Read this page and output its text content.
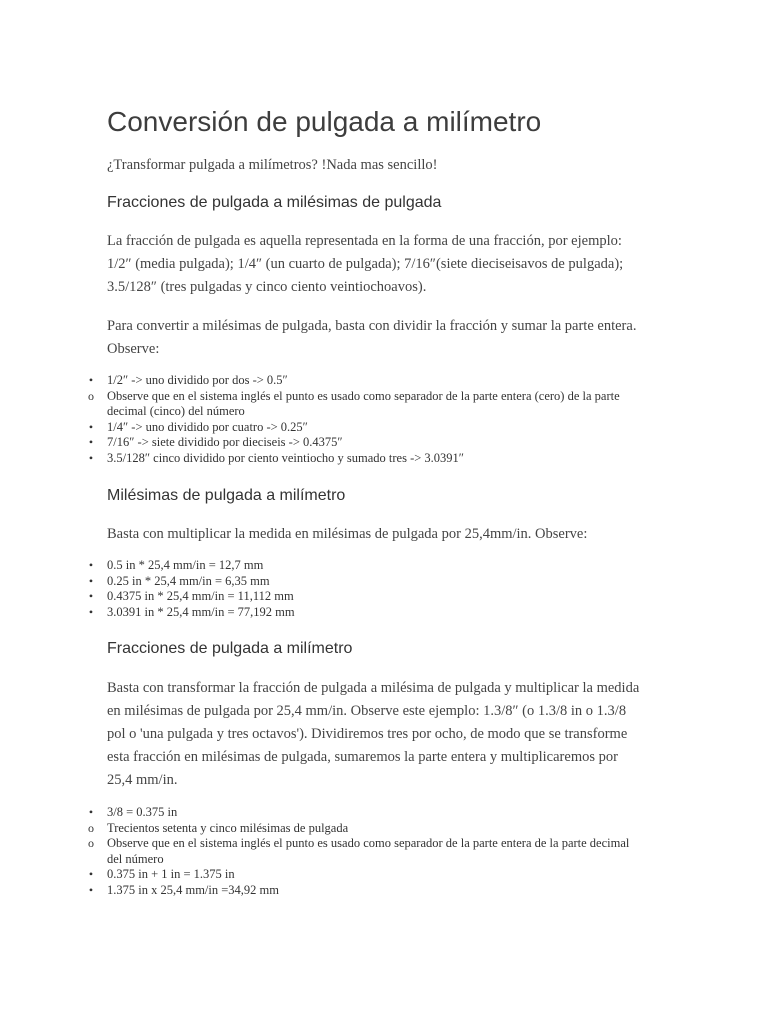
Conversión de pulgada a milímetro

¿Transformar pulgada a milímetros? !Nada mas sencillo!

Fracciones de pulgada a milésimas de pulgada

La fracción de pulgada es aquella representada en la forma de una fracción, por ejemplo:
1/2″ (media pulgada); 1/4″ (un cuarto de pulgada); 7/16″(siete dieciseisavos de pulgada);
3.5/128″ (tres pulgadas y cinco ciento veintiochoavos).

Para convertir a milésimas de pulgada, basta con dividir la fracción y sumar la parte entera.
Observe:

• 1/2″ -> uno dividido por dos -> 0.5″
o Observe que en el sistema inglés el punto es usado como separador de la parte entera (cero) de la parte
decimal (cinco) del número
• 1/4″ -> uno dividido por cuatro -> 0.25″
• 7/16″ -> siete dividido por dieciseis -> 0.4375″
• 3.5/128″ cinco dividido por ciento veintiocho y sumado tres -> 3.0391″
Milésimas de pulgada a milímetro

Basta con multiplicar la medida en milésimas de pulgada por 25,4mm/in. Observe:

• 0.5 in * 25,4 mm/in = 12,7 mm
• 0.25 in * 25,4 mm/in = 6,35 mm
• 0.4375 in * 25,4 mm/in = 11,112 mm
• 3.0391 in * 25,4 mm/in = 77,192 mm
Fracciones de pulgada a milímetro

Basta con transformar la fracción de pulgada a milésima de pulgada y multiplicar la medida
en milésimas de pulgada por 25,4 mm/in. Observe este ejemplo: 1.3/8″ (o 1.3/8 in o 1.3/8
pol o 'una pulgada y tres octavos'). Dividiremos tres por ocho, de modo que se transforme
esta fracción en milésimas de pulgada, sumaremos la parte entera y multiplicaremos por
25,4 mm/in.

• 3/8 = 0.375 in
o Trecientos setenta y cinco milésimas de pulgada
o Observe que en el sistema inglés el punto es usado como separador de la parte entera de la parte decimal
del número
• 0.375 in + 1 in = 1.375 in
• 1.375 in x 25,4 mm/in =34,92 mm
